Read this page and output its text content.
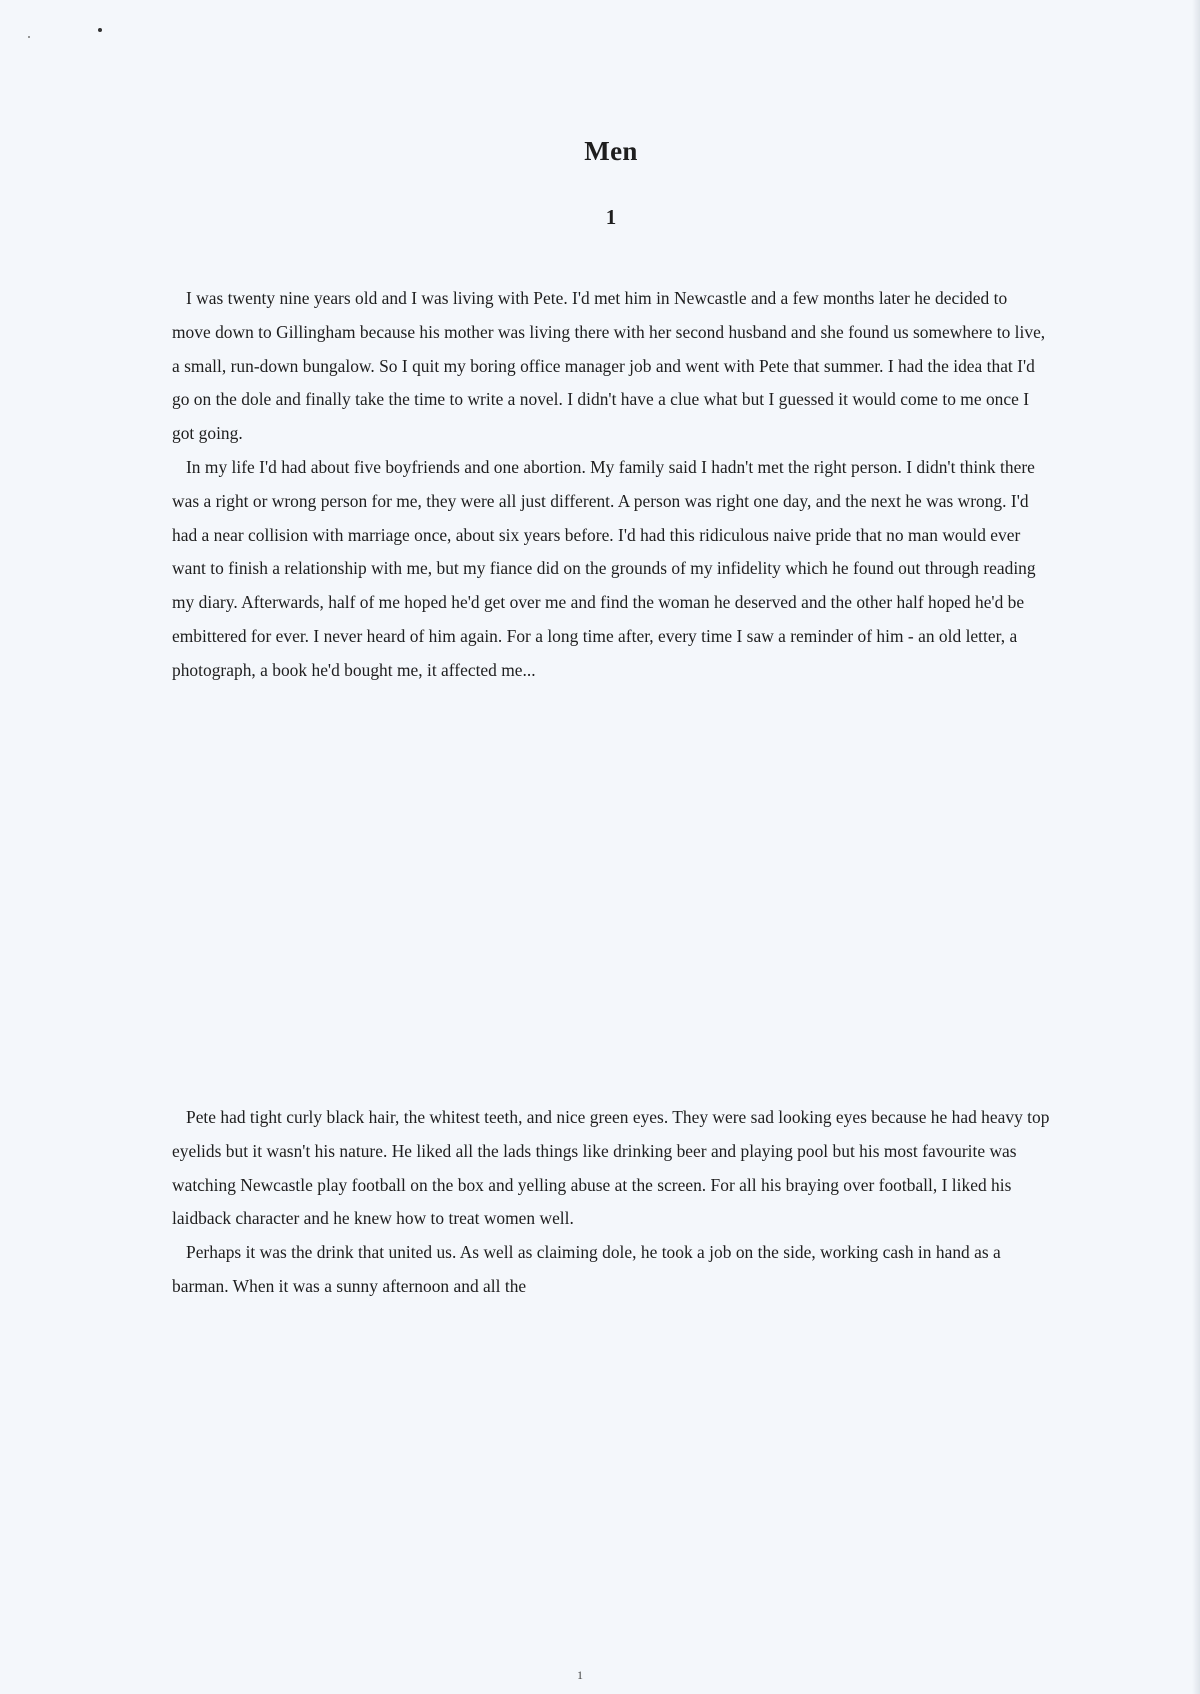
Men
1

I was twenty nine years old and I was living with Pete. I'd met him in Newcastle and a few months later he decided to move down to Gillingham because his mother was living there with her second husband and she found us somewhere to live, a small, run-down bungalow. So I quit my boring office manager job and went with Pete that summer. I had the idea that I'd go on the dole and finally take the time to write a novel. I didn't have a clue what but I guessed it would come to me once I got going.

In my life I'd had about five boyfriends and one abortion. My family said I hadn't met the right person. I didn't think there was a right or wrong person for me, they were all just different. A person was right one day, and the next he was wrong. I'd had a near collision with marriage once, about six years before. I'd had this ridiculous naive pride that no man would ever want to finish a relationship with me, but my fiance did on the grounds of my infidelity which he found out through reading my diary. Afterwards, half of me hoped he'd get over me and find the woman he deserved and the other half hoped he'd be embittered for ever. I never heard of him again. For a long time after, every time I saw a reminder of him - an old letter, a photograph, a book he'd bought me, it affected me...

Pete had tight curly black hair, the whitest teeth, and nice green eyes. They were sad looking eyes because he had heavy top eyelids but it wasn't his nature. He liked all the lads things like drinking beer and playing pool but his most favourite was watching Newcastle play football on the box and yelling abuse at the screen. For all his braying over football, I liked his laidback character and he knew how to treat women well.

Perhaps it was the drink that united us. As well as claiming dole, he took a job on the side, working cash in hand as a barman. When it was a sunny afternoon and all the

1
